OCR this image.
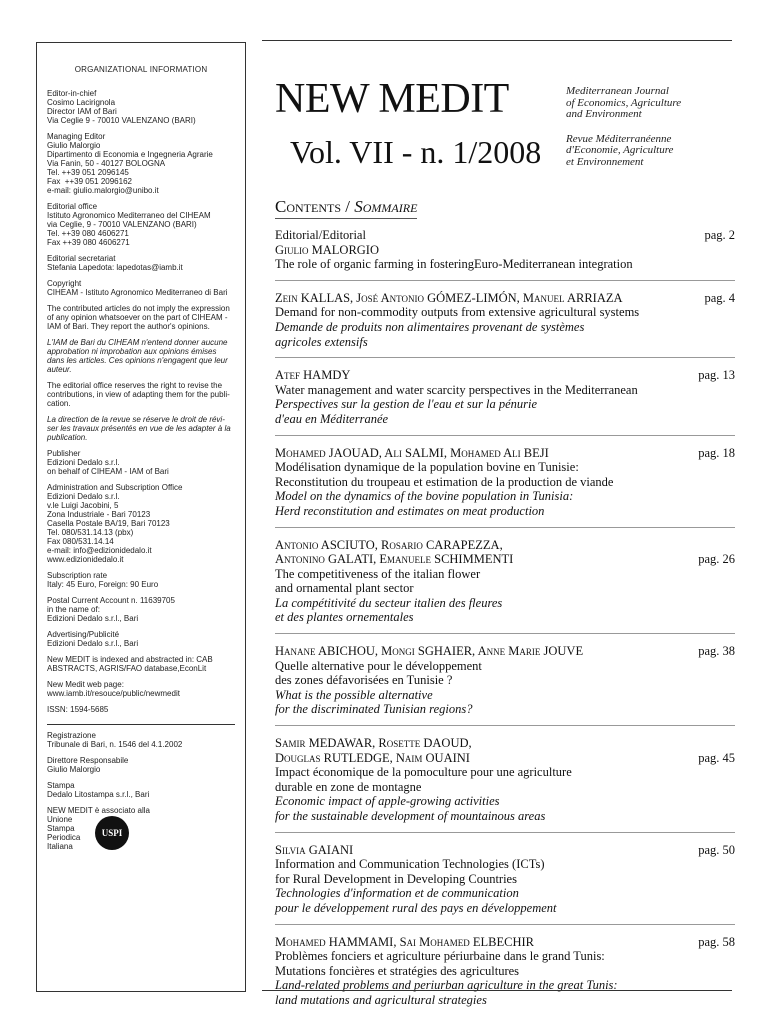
ORGANIZATIONAL INFORMATION
Editor-in-chief
Cosimo Lacirignola
Director IAM of Bari
Via Ceglie 9 - 70010 VALENZANO (BARI)
Managing Editor
Giulio Malorgio
Dipartimento di Economia e Ingegneria Agrarie
Via Fanin, 50 - 40127 BOLOGNA
Tel. ++39 051 2096145
Fax  ++39 051 2096162
e-mail: giulio.malorgio@unibo.it
Editorial office
Istituto Agronomico Mediterraneo del CIHEAM
via Ceglie, 9 - 70010 VALENZANO (BARI)
Tel. ++39 080 4606271
Fax ++39 080 4606271
Editorial secretariat
Stefania Lapedota: lapedotas@iamb.it
Copyright
CIHEAM - Istituto Agronomico Mediterraneo di Bari
The contributed articles do not imply the expression of any opinion whatsoever on the part of CIHEAM - IAM of Bari. They report the author's opinions.
L'IAM de Bari du CIHEAM n'entend donner aucune approbation ni improbation aux opinions émises dans les articles. Ces opinions n'engagent que leur auteur.
The editorial office reserves the right to revise the contributions, in view of adapting them for the publi-cation.
La direction de la revue se réserve le droit de révi-ser les travaux présentés en vue de les adapter à la publication.
Publisher
Edizioni Dedalo s.r.l.
on behalf of CIHEAM - IAM of Bari
Administration and Subscription Office
Edizioni Dedalo s.r.l.
v.le Luigi Jacobini, 5
Zona Industriale - Bari 70123
Casella Postale BA/19, Bari 70123
Tel. 080/531.14.13 (pbx)
Fax 080/531.14.14
e-mail: info@edizionidedalo.it
www.edizionidedalo.it
Subscription rate
Italy: 45 Euro, Foreign: 90 Euro
Postal Current Account n. 11639705
in the name of:
Edizioni Dedalo s.r.l., Bari
Advertising/Publicité
Edizioni Dedalo s.r.l., Bari
New MEDIT is indexed and abstracted in: CAB ABSTRACTS, AGRIS/FAO database,EconLit
New Medit web page:
www.iamb.it/resouce/public/newmedit
ISSN: 1594-5685
Registrazione
Tribunale di Bari, n. 1546 del 4.1.2002
Direttore Responsabile
Giulio Malorgio
Stampa
Dedalo Litostampa s.r.l., Bari
NEW MEDIT è associato alla
Unione
Stampa
Periodica
Italiana
USPI
NEW MEDIT
Vol. VII - n. 1/2008
Mediterranean Journal
of Economics, Agriculture
and Environment
Revue Méditerranéenne
d'Economie, Agriculture
et Environnement
Contents / Sommaire
Editorial/Editorial
Giulio MALORGIO
The role of organic farming in fosteringEuro-Mediterranean integration
pag. 2
Zein KALLAS, José Antonio GÓMEZ-LIMÓN, Manuel ARRIAZA
Demand for non-commodity outputs from extensive agricultural systems
Demande de produits non alimentaires provenant de systèmes
agricoles extensifs
pag. 4
Atef HAMDY
Water management and water scarcity perspectives in the Mediterranean
Perspectives sur la gestion de l'eau et sur la pénurie
d'eau en Méditerranée
pag. 13
Mohamed JAOUAD, Ali SALMI, Mohamed Ali BEJI
Modélisation dynamique de la population bovine en Tunisie:
Reconstitution du troupeau et estimation de la production de viande
Model on the dynamics of the bovine population in Tunisia:
Herd reconstitution and estimates on meat production
pag. 18
Antonio ASCIUTO, Rosario CARAPEZZA,
Antonino GALATI, Emanuele SCHIMMENTI
The competitiveness of the italian flower
and ornamental plant sector
La compétitivité du secteur italien des fleures
et des plantes ornementales
pag. 26
Hanane ABICHOU, Mongi SGHAIER, Anne Marie JOUVE
Quelle alternative pour le développement
des zones défavorisées en Tunisie ?
What is the possible alternative
for the discriminated Tunisian regions?
pag. 38
Samir MEDAWAR, Rosette DAOUD,
Douglas RUTLEDGE, Naim OUAINI
Impact économique de la pomoculture pour une agriculture
durable en zone de montagne
Economic impact of apple-growing activities
for the sustainable development of mountainous areas
pag. 45
Silvia GAIANI
Information and Communication Technologies (ICTs)
for Rural Development in Developing Countries
Technologies d'information et de communication
pour le développement rural des pays en développement
pag. 50
Mohamed HAMMAMI, Sai Mohamed ELBECHIR
Problèmes fonciers et agriculture périurbaine dans le grand Tunis:
Mutations foncières et stratégies des agricultures
Land-related problems and periurban agriculture in the great Tunis:
land mutations and agricultural strategies
pag. 58
